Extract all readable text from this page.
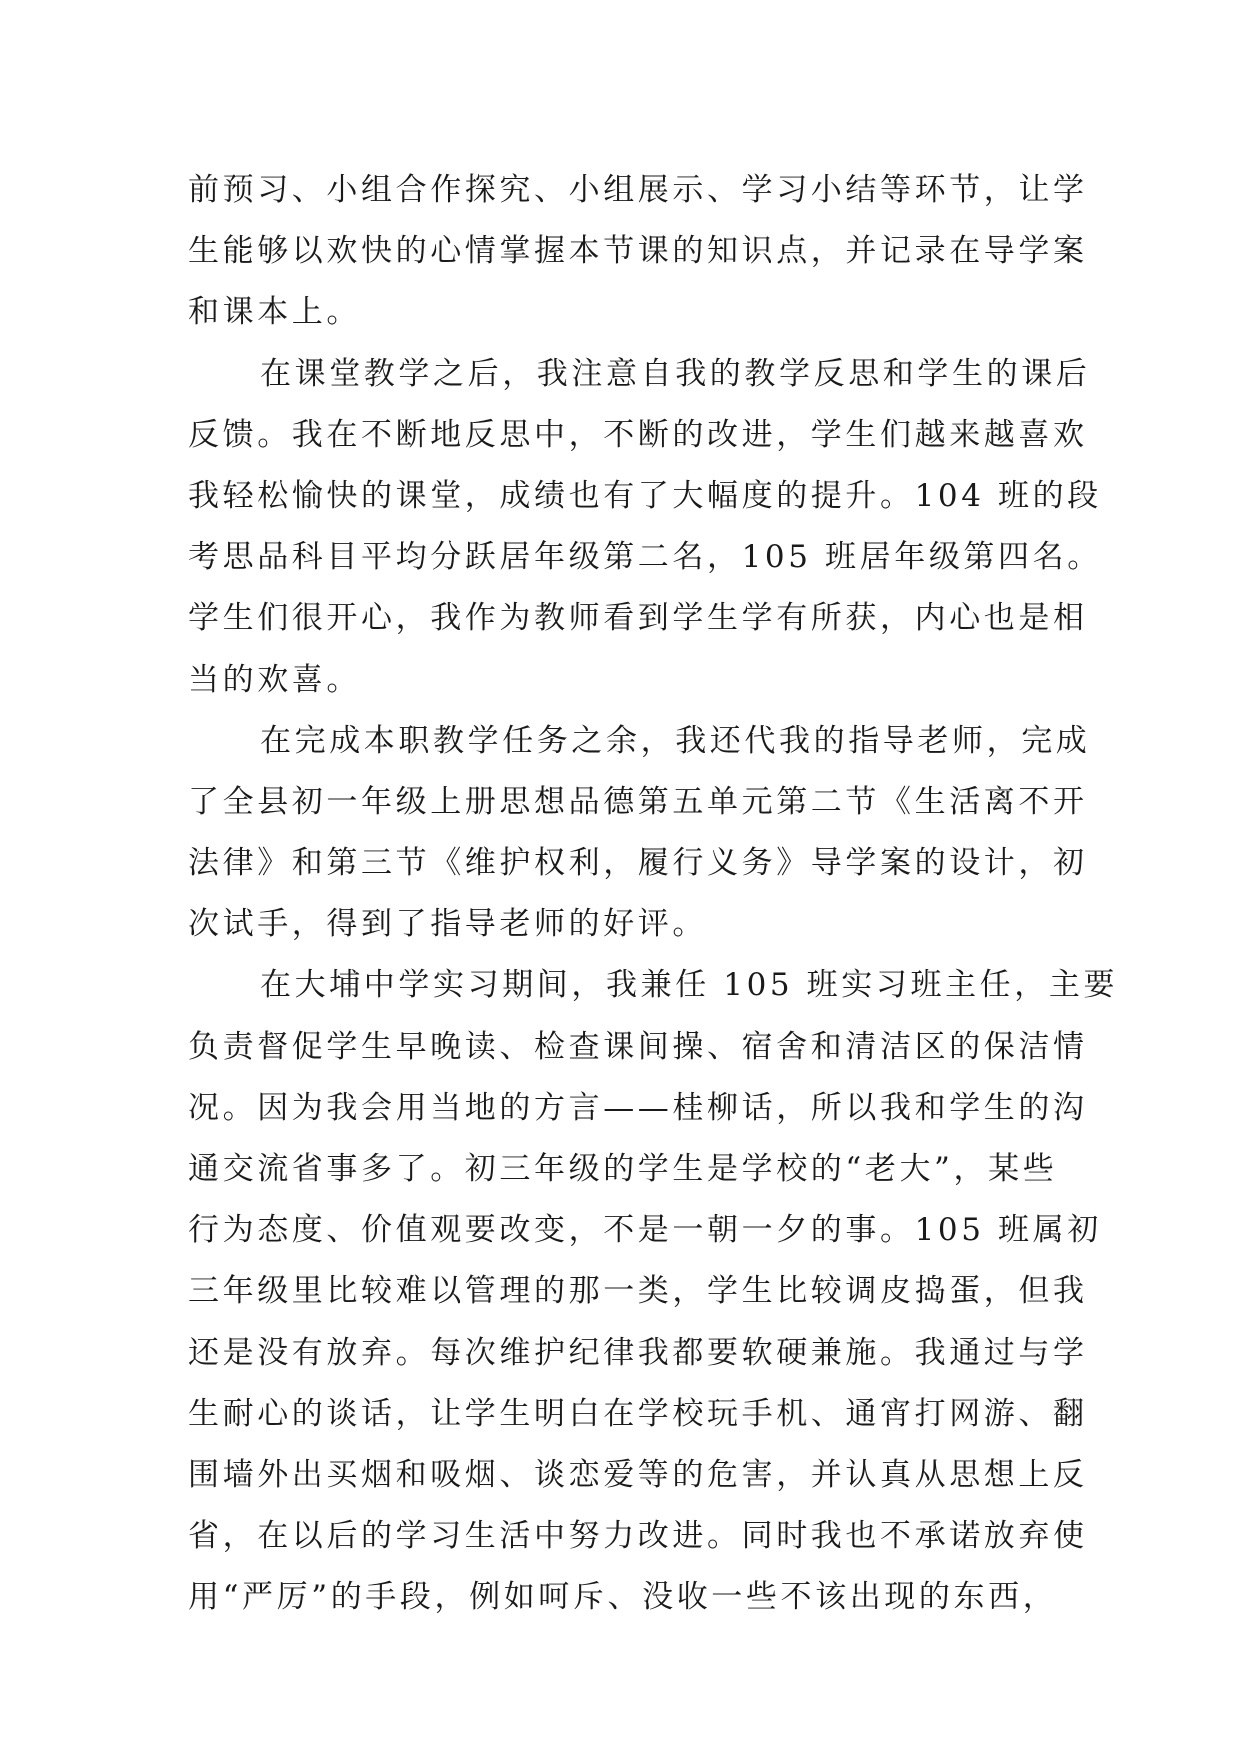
前预习、小组合作探究、小组展示、学习小结等环节，让学
生能够以欢快的心情掌握本节课的知识点，并记录在导学案
和课本上。
在课堂教学之后，我注意自我的教学反思和学生的课后
反馈。我在不断地反思中，不断的改进，学生们越来越喜欢
我轻松愉快的课堂，成绩也有了大幅度的提升。104 班的段
考思品科目平均分跃居年级第二名，105 班居年级第四名。
学生们很开心，我作为教师看到学生学有所获，内心也是相
当的欢喜。
在完成本职教学任务之余，我还代我的指导老师，完成
了全县初一年级上册思想品德第五单元第二节《生活离不开
法律》和第三节《维护权利，履行义务》导学案的设计，初
次试手，得到了指导老师的好评。
在大埔中学实习期间，我兼任 105 班实习班主任，主要
负责督促学生早晚读、检查课间操、宿舍和清洁区的保洁情
况。因为我会用当地的方言——桂柳话，所以我和学生的沟
通交流省事多了。初三年级的学生是学校的“老大”，某些
行为态度、价值观要改变，不是一朝一夕的事。105 班属初
三年级里比较难以管理的那一类，学生比较调皮捣蛋，但我
还是没有放弃。每次维护纪律我都要软硬兼施。我通过与学
生耐心的谈话，让学生明白在学校玩手机、通宵打网游、翻
围墙外出买烟和吸烟、谈恋爱等的危害，并认真从思想上反
省，在以后的学习生活中努力改进。同时我也不承诺放弃使
用“严厉”的手段，例如呵斥、没收一些不该出现的东西，
